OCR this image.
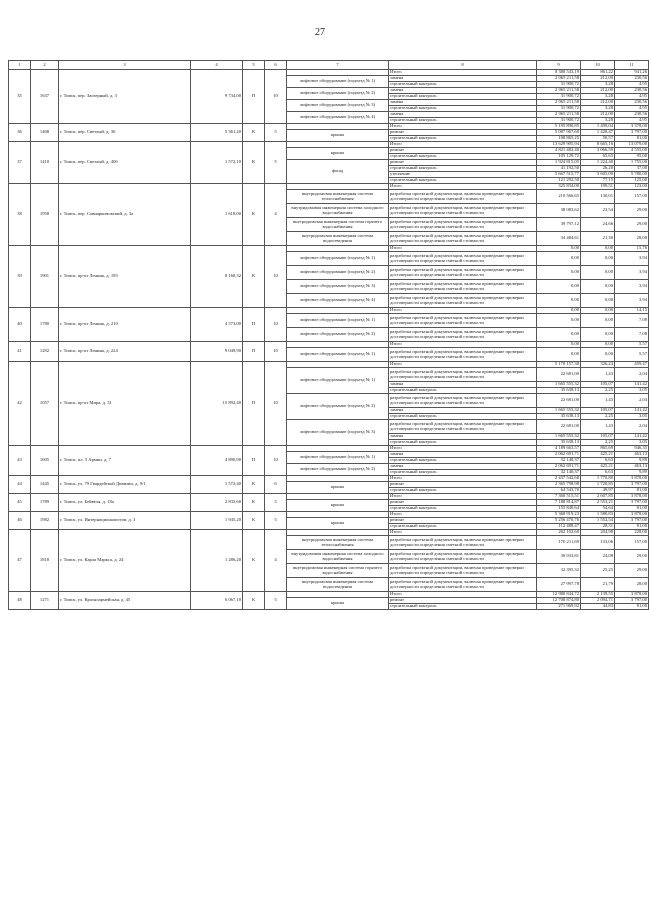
27
1	2	3	4	5	6	7	8	9	10	11
35	1637	г. Томск, пер. Заозерный, д. 3	9 734,00	П	10		Итого	8 380 543,19	861,22	941,26
						лифтовое оборудование (подъезд № 1)	замена	2 065 211,58	212,00	230,56
							строительный контроль	31 900,72	3,28	4,95
						лифтовое оборудование (подъезд № 2)	замена	2 065 211,58	212,00	230,56
							строительный контроль	31 900,72	3,28	4,95
						лифтовое оборудование (подъезд № 3)	замена	2 065 211,58	212,00	230,56
							строительный контроль	31 900,72	3,28	4,95
						лифтовое оборудование (подъезд № 4)	замена	2 065 211,58	212,00	230,56
							строительный контроль	31 900,72	3,28	4,95
36	1408	г. Томск, пер. Светлый, д. 36	5 361,20	К	5		Итого	5 195 890,85	1 499,04	3 378,00
						крыша	ремонт	5 087 967,60	1 428,47	3 797,00
							строительный контроль	108 865,25	50,57	81,00
37	1410	г. Томск, пер. Светлый, д. 40б	1 572,10	К	5		Итого	13 629 905,94	8 665,16	13 079,00
						крыша	ремонт	4 821 482,40	3 066,59	4 555,00
							строительный контроль	105 129,72	65,65	95,00
						фасад	ремонт	1 924 815,05	1 224,40	1 755,00
							строительный контроль	41 192,50	26,20	37,00
							утепление	5 667 515,77	3 605,09	5 780,00
							строительный контроль	121 292,50	77,15	125,00
38	1958	г. Томск, пер. Совнаркомовский, д. 3а	1 618,00	К	4		Итого	325 834,00	199,51	123,00
						внутридомовая инженерная система теплоснабжения	разработка проектной документации, включая проведение проверки достоверности определения сметной стоимости	210 566,65	130,01	157,00
						внутридомовая инженерная система холодного водоснабжения	разработка проектной документации, включая проведение проверки достоверности определения сметной стоимости	38 083,62	23,54	29,00
						внутридомовая инженерная система горячего водоснабжения	разработка проектной документации, включая проведение проверки достоверности определения сметной стоимости	39 797,12	24,66	29,00
						внутридомовая инженерная система водоотведения	разработка проектной документации, включая проведение проверки достоверности определения сметной стоимости	34 484,61	21,30	28,00
39	1901	г. Томск, пр-кт Ленина, д. 195	8 168,32	К	10		Итого	0,00	0,00	15,76
						лифтовое оборудование (подъезд № 1)	разработка проектной документации, включая проведение проверки достоверности определения сметной стоимости	0,00	0,00	3,94
						лифтовое оборудование (подъезд № 2)	разработка проектной документации, включая проведение проверки достоверности определения сметной стоимости	0,00	0,00	3,94
						лифтовое оборудование (подъезд № 3)	разработка проектной документации, включая проведение проверки достоверности определения сметной стоимости	0,00	0,00	3,94
						лифтовое оборудование (подъезд № 4)	разработка проектной документации, включая проведение проверки достоверности определения сметной стоимости	0,00	0,00	3,94
40	1780	г. Томск, пр-кт Ленина, д. 210	4 573,00	П	10		Итого	0,00	0,00	14,15
						лифтовое оборудование (подъезд № 1)	разработка проектной документации, включая проведение проверки достоверности определения сметной стоимости	0,00	0,00	7,08
						лифтовое оборудование (подъезд № 2)	разработка проектной документации, включая проведение проверки достоверности определения сметной стоимости	0,00	0,00	7,08
41	1292	г. Томск, пр-кт Ленина, д. 224	9 049,90	П	10		Итого	0,00	0,00	5,57
						лифтовое оборудование (подъезд № 1)	разработка проектной документации, включая проведение проверки достоверности определения сметной стоимости	0,00	0,00	5,57
42	1057	г. Томск, пр-кт Мира, д. 31	15 892,40	П	10		Итого	5 170 157,38	326,24	459,47
						лифтовое оборудование (подъезд № 1)	разработка проектной документации, включая проведение проверки достоверности определения сметной стоимости	22 681,00	1,43	2,04
							замена	1 665 555,32	105,07	141,42
							строительный контроль	35 638,13	2,25	3,05
						лифтовое оборудование (подъезд № 2)	разработка проектной документации, включая проведение проверки достоверности определения сметной стоимости	22 681,00	1,43	2,04
							замена	1 665 555,32	105,07	141,42
							строительный контроль	35 638,13	2,25	3,05
						лифтовое оборудование (подъезд № 3)	разработка проектной документации, включая проведение проверки достоверности определения сметной стоимости	22 681,00	1,43	2,04
							замена	1 665 555,32	105,07	141,42
							строительный контроль	35 638,13	2,25	3,05
43	1605	г. Томск, пл. 5 Армии, д. 7	4 890,90	П	10		Итого	4 189 663,57	865,69	946,35
						лифтовое оборудование (подъезд № 1)	замена	2 062 691,71	425,21	463,13
							строительный контроль	32 140,37	6,63	9,89
						лифтовое оборудование (подъезд № 2)	замена	2 062 691,71	425,21	463,13
							строительный контроль	32 140,37	6,63	9,89
44	1445	г. Томск, ул. 79 Гвардейской Дивизии, д. 9/1	1 572,40	К	6		Итого	2 437 542,68	1 770,80	3 878,00
						крыша	ремонт	2 365 798,98	1 720,85	3 797,00
							строительный контроль	64 543,70	49,97	81,00
45	1789	г. Томск, ул. Бейвеля, д. 18а	2 835,60	К	5		Итого	7 360 515,51	2 607,85	3 878,00
						крыша	ремонт	7 188 814,87	2 553,21	3 797,00
							строительный контроль	155 840,64	54,64	81,00
46	1982	г. Томск, ул. Интернационалистов, д. 3	1 945,20	К	5		Итого	5 368 919,23	1 580,83	3 878,00
						крыша	ремонт	5 256 470,76	1 552,54	3 797,00
							строительный контроль	112 488,47	28,31	81,00
47	1818	г. Томск, ул. Карла Маркса, д. 24	1 286,20	К	4		Итого	262 102,60	204,98	228,00
						внутридомовая инженерная система теплоснабжения	разработка проектной документации, включая проведение проверки достоверности определения сметной стоимости	170 211,69	133,06	157,00
						внутридомовая инженерная система холодного водоснабжения	разработка проектной документации, включая проведение проверки достоверности определения сметной стоимости	30 933,81	24,08	29,00
						внутридомовая инженерная система горячего водоснабжения	разработка проектной документации, включая проведение проверки достоверности определения сметной стоимости	32 395,32	25,25	29,00
						внутридомовая инженерная система водоотведения	разработка проектной документации, включая проведение проверки достоверности определения сметной стоимости	27 997,78	21,79	28,00
48	1271	г. Томск, ул. Красноармейская, д. 45	6 067,10	К	5		Итого	12 980 844,72	2 139,55	3 878,00
						крыша	ремонт	12 708 874,80	2 094,71	3 797,00
							строительный контроль	271 969,92	44,83	81,00
